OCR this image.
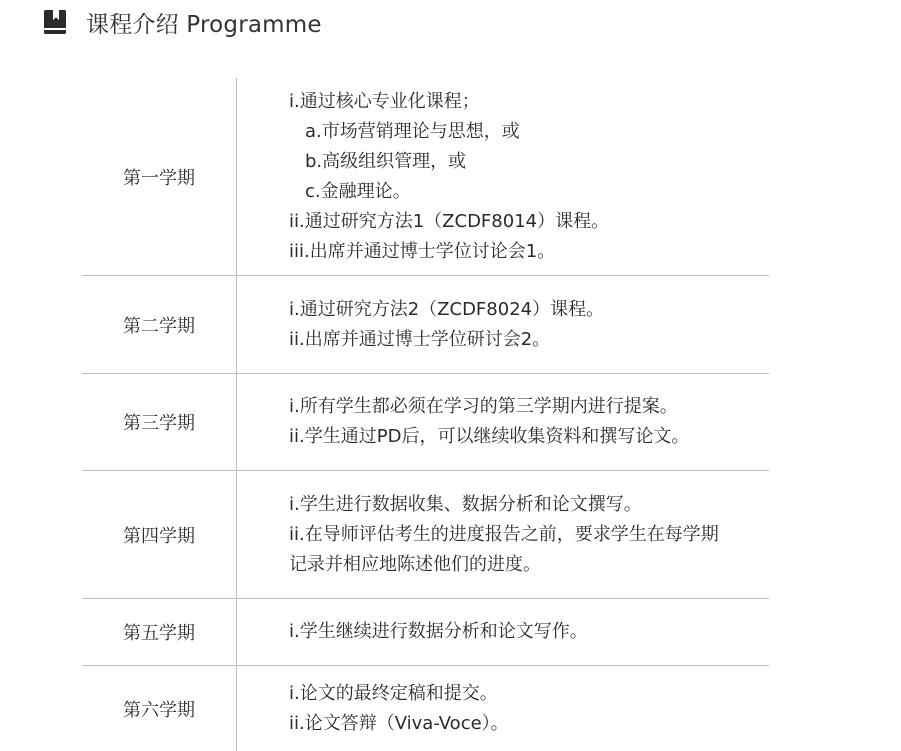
课程介绍 Programme
第一学期
i.通过核心专业化课程；
a.市场营销理论与思想，或
b.高级组织管理，或
c.金融理论。
ii.通过研究方法1（ZCDF8014）课程。
iii.出席并通过博士学位讨论会1。
第二学期
i.通过研究方法2（ZCDF8024）课程。
ii.出席并通过博士学位研讨会2。
第三学期
i.所有学生都必须在学习的第三学期内进行提案。
ii.学生通过PD后，可以继续收集资料和撰写论文。
第四学期
i.学生进行数据收集、数据分析和论文撰写。
ii.在导师评估考生的进度报告之前，要求学生在每学期
记录并相应地陈述他们的进度。
第五学期	i.学生继续进行数据分析和论文写作。
第六学期
i.论文的最终定稿和提交。
ii.论文答辩（Viva-Voce）。
